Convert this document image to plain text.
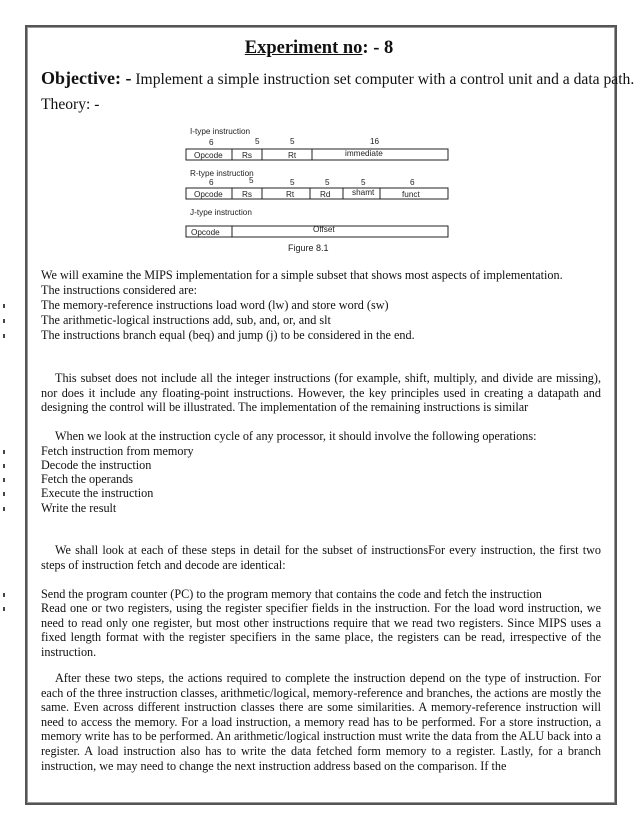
Experiment no: - 8
Objective: - Implement a simple instruction set computer with a control unit and a data path.
Theory: -
I-type instruction
6	5	5	16
Opcode Rs	Rt	immediate
R-type instruction
6	5	5	5	5	6
Opcode Rs	Rt	Rd	shamt	funct
J-type instruction
Opcode	Offset
Figure 8.1
We will examine the MIPS implementation for a simple subset that shows most aspects of implementation.
The instructions considered are:
The memory-reference instructions load word (lw) and store word (sw)
The arithmetic-logical instructions add, sub, and, or, and slt
The instructions branch equal (beq) and jump (j) to be considered in the end.
This subset does not include all the integer instructions (for example, shift, multiply, and divide are missing), nor does it include any floating-point instructions. However, the key principles used in creating a datapath and designing the control will be illustrated. The implementation of the remaining instructions is similar
When we look at the instruction cycle of any processor, it should involve the following operations:
Fetch instruction from memory
Decode the instruction
Fetch the operands
Execute the instruction
Write the result
We shall look at each of these steps in detail for the subset of instructionsFor every instruction, the first two steps of instruction fetch and decode are identical:
Send the program counter (PC) to the program memory that contains the code and fetch the instruction
Read one or two registers, using the register specifier fields in the instruction. For the load word instruction, we need to read only one register, but most other instructions require that we read two registers. Since MIPS uses a fixed length format with the register specifiers in the same place, the registers can be read, irrespective of the instruction.
After these two steps, the actions required to complete the instruction depend on the type of instruction. For each of the three instruction classes, arithmetic/logical, memory-reference and branches, the actions are mostly the same. Even across different instruction classes there are some similarities. A memory-reference instruction will need to access the memory. For a load instruction, a memory read has to be performed. For a store instruction, a memory write has to be performed. An arithmetic/logical instruction must write the data from the ALU back into a register. A load instruction also has to write the data fetched form memory to a register. Lastly, for a branch instruction, we may need to change the next instruction address based on the comparison. If the
